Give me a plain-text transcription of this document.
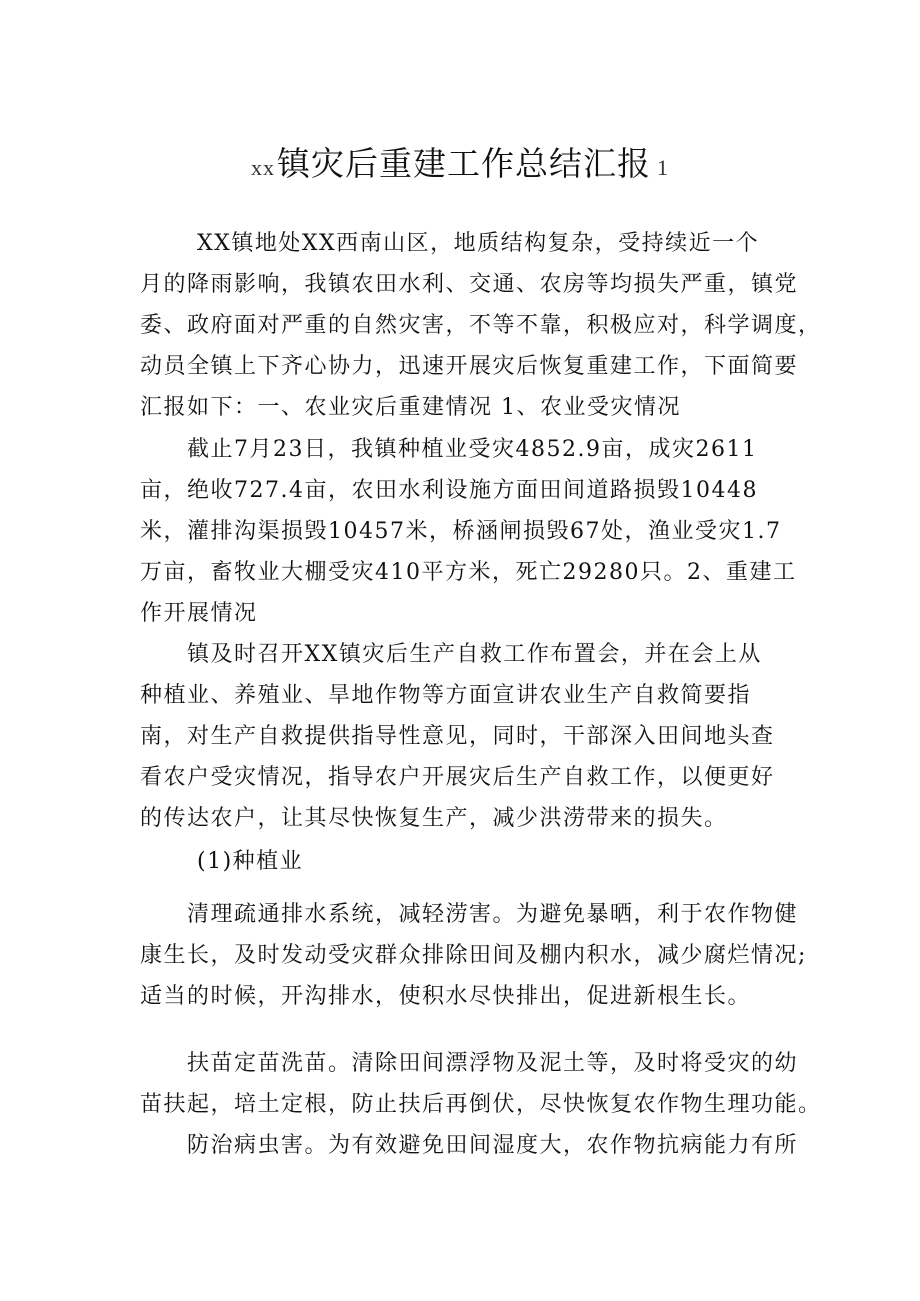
xx镇灾后重建工作总结汇报 1
XX镇地处XX西南山区，地质结构复杂，受持续近一个
月的降雨影响，我镇农田水利、交通、农房等均损失严重，镇党
委、政府面对严重的自然灾害，不等不靠，积极应对，科学调度，
动员全镇上下齐心协力，迅速开展灾后恢复重建工作，下面简要
汇报如下：一、农业灾后重建情况 1、农业受灾情况
截止7月23日，我镇种植业受灾4852.9亩，成灾2611
亩，绝收727.4亩，农田水利设施方面田间道路损毁10448
米，灌排沟渠损毁10457米，桥涵闸损毁67处，渔业受灾1.7
万亩，畜牧业大棚受灾410平方米，死亡29280只。2、重建工
作开展情况
镇及时召开XX镇灾后生产自救工作布置会，并在会上从
种植业、养殖业、旱地作物等方面宣讲农业生产自救简要指
南，对生产自救提供指导性意见，同时，干部深入田间地头查
看农户受灾情况，指导农户开展灾后生产自救工作，以便更好
的传达农户，让其尽快恢复生产，减少洪涝带来的损失。
(1)种植业
清理疏通排水系统，减轻涝害。为避免暴晒，利于农作物健
康生长，及时发动受灾群众排除田间及棚内积水，减少腐烂情况;
适当的时候，开沟排水，使积水尽快排出，促进新根生长。
扶苗定苗洗苗。清除田间漂浮物及泥土等，及时将受灾的幼
苗扶起，培土定根，防止扶后再倒伏，尽快恢复农作物生理功能。
防治病虫害。为有效避免田间湿度大，农作物抗病能力有所
